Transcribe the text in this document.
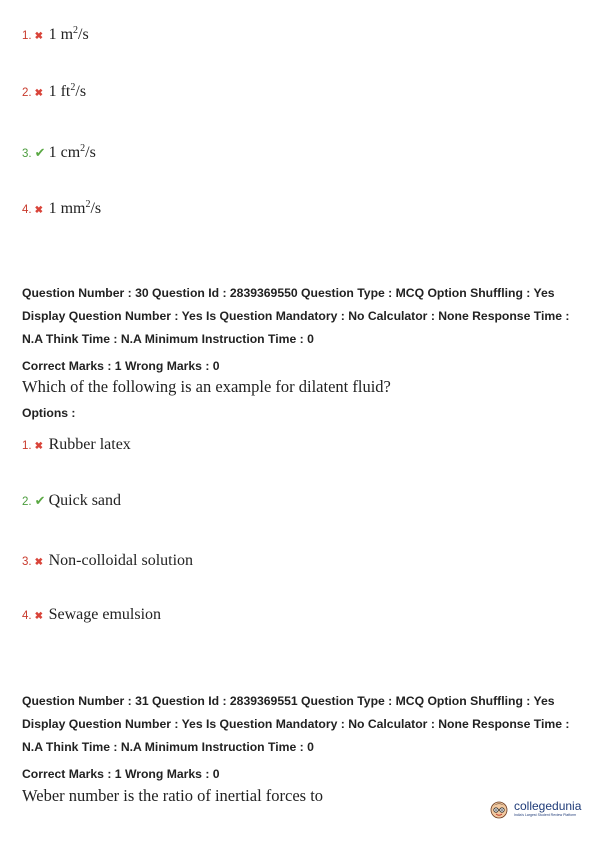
1. ✖ 1 $m^2/s$
2. ✖ 1 $ft^2/s$
3. ✔ 1 $cm^2/s$
4. ✖ 1 $mm^2/s$
Question Number : 30 Question Id : 2839369550 Question Type : MCQ Option Shuffling : Yes Display Question Number : Yes Is Question Mandatory : No Calculator : None Response Time : N.A Think Time : N.A Minimum Instruction Time : 0
Correct Marks : 1 Wrong Marks : 0
Which of the following is an example for dilatent fluid?
Options :
1. ✖ Rubber latex
2. ✔ Quick sand
3. ✖ Non-colloidal solution
4. ✖ Sewage emulsion
Question Number : 31 Question Id : 2839369551 Question Type : MCQ Option Shuffling : Yes Display Question Number : Yes Is Question Mandatory : No Calculator : None Response Time : N.A Think Time : N.A Minimum Instruction Time : 0
Correct Marks : 1 Wrong Marks : 0
Weber number is the ratio of inertial forces to
collegedunia
India's Largest Student Review Platform
